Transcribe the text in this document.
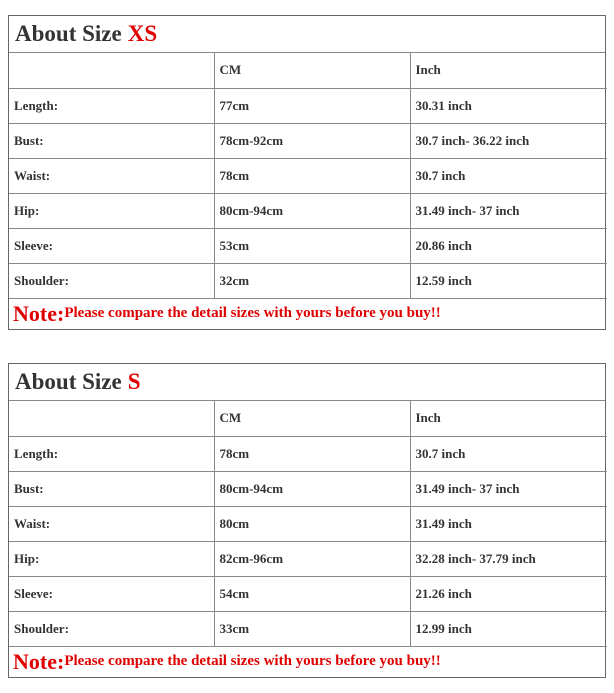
About Size XS
	CM	Inch
Length:	77cm	30.31 inch
Bust:	78cm-92cm	30.7 inch- 36.22 inch
Waist:	78cm	30.7 inch
Hip:	80cm-94cm	31.49 inch- 37 inch
Sleeve:	53cm	20.86 inch
Shoulder:	32cm	12.59 inch
Note: Please compare the detail sizes with yours before you buy!!
About Size S
	CM	Inch
Length:	78cm	30.7 inch
Bust:	80cm-94cm	31.49 inch- 37 inch
Waist:	80cm	31.49 inch
Hip:	82cm-96cm	32.28 inch- 37.79 inch
Sleeve:	54cm	21.26 inch
Shoulder:	33cm	12.99 inch
Note: Please compare the detail sizes with yours before you buy!!
